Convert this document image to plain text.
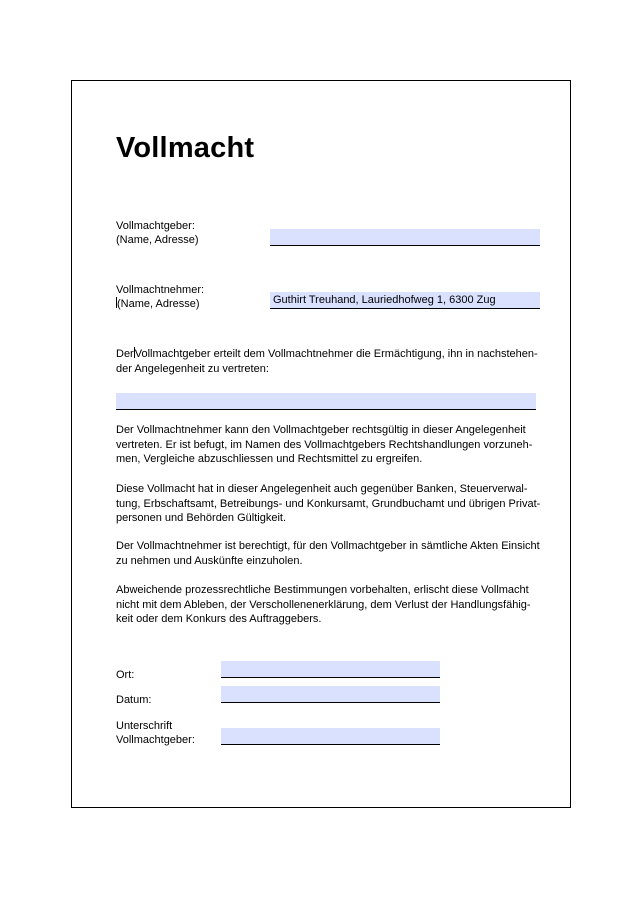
Vollmacht
Vollmachtgeber:
(Name, Adresse)
Vollmachtnehmer:
(Name, Adresse)	Guthirt Treuhand, Lauriedhofweg 1, 6300 Zug
DerVollmachtgeber erteilt dem Vollmachtnehmer die Ermächtigung, ihn in nachstehen-der Angelegenheit zu vertreten:
Der Vollmachtnehmer kann den Vollmachtgeber rechtsgültig in dieser Angelegenheit vertreten. Er ist befugt, im Namen des Vollmachtgebers Rechtshandlungen vorzuneh-men, Vergleiche abzuschliessen und Rechtsmittel zu ergreifen.
Diese Vollmacht hat in dieser Angelegenheit auch gegenüber Banken, Steuerverwal-tung, Erbschaftsamt, Betreibungs- und Konkursamt, Grundbuchamt und übrigen Privat-personen und Behörden Gültigkeit.
Der Vollmachtnehmer ist berechtigt, für den Vollmachtgeber in sämtliche Akten Einsicht zu nehmen und Auskünfte einzuholen.
Abweichende prozessrechtliche Bestimmungen vorbehalten, erlischt diese Vollmacht nicht mit dem Ableben, der Verschollenenerklärung, dem Verlust der Handlungsfähig-keit oder dem Konkurs des Auftraggebers.
Ort:
Datum:
Unterschrift
Vollmachtgeber:
